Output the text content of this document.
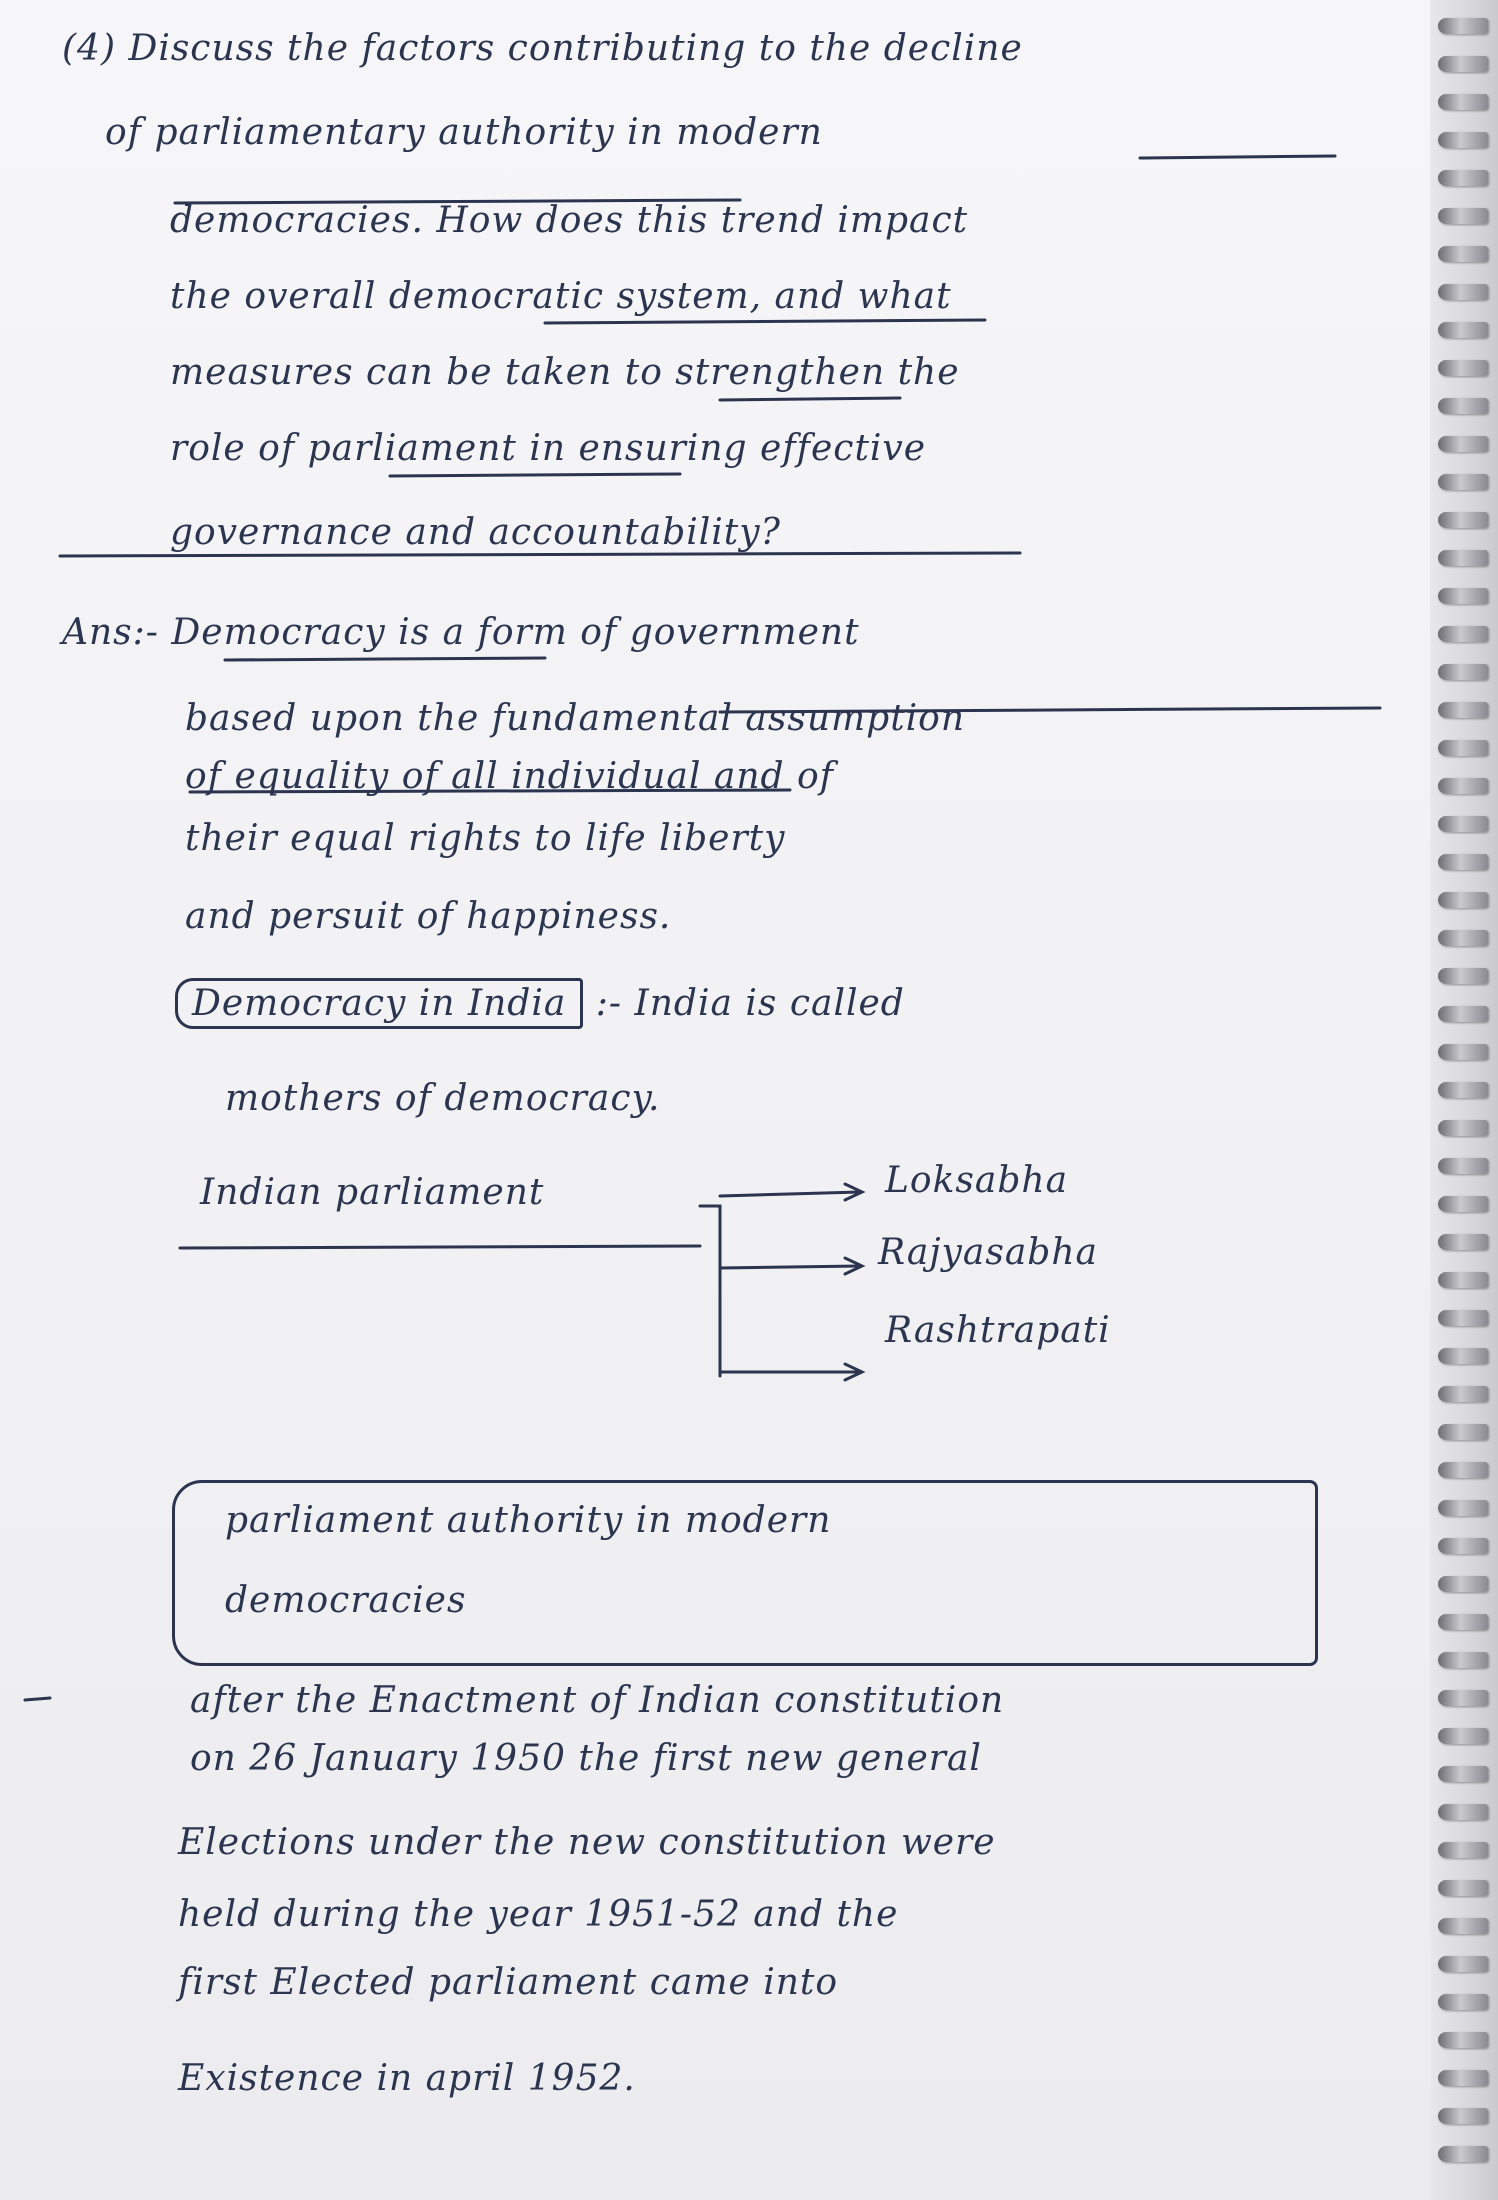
(4) Discuss the factors contributing to the decline
of parliamentary authority in modern
democracies. How does this trend impact
the overall democratic system, and what
measures can be taken to strengthen the
role of parliament in ensuring effective
governance and accountability?
Ans:- Democracy is a form of government
based upon the fundamental assumption
of equality of all individual and of
their equal rights to life liberty
and persuit of happiness.
Democracy in India :- India is called
mothers of democracy.
Indian parliament	Loksabha
Rajyasabha
Rashtrapati
parliament authority in modern
democracies
after the Enactment of Indian constitution
on 26 January 1950 the first new general
Elections under the new constitution were
held during the year 1951-52 and the
first Elected parliament came into
Existence in april 1952.
